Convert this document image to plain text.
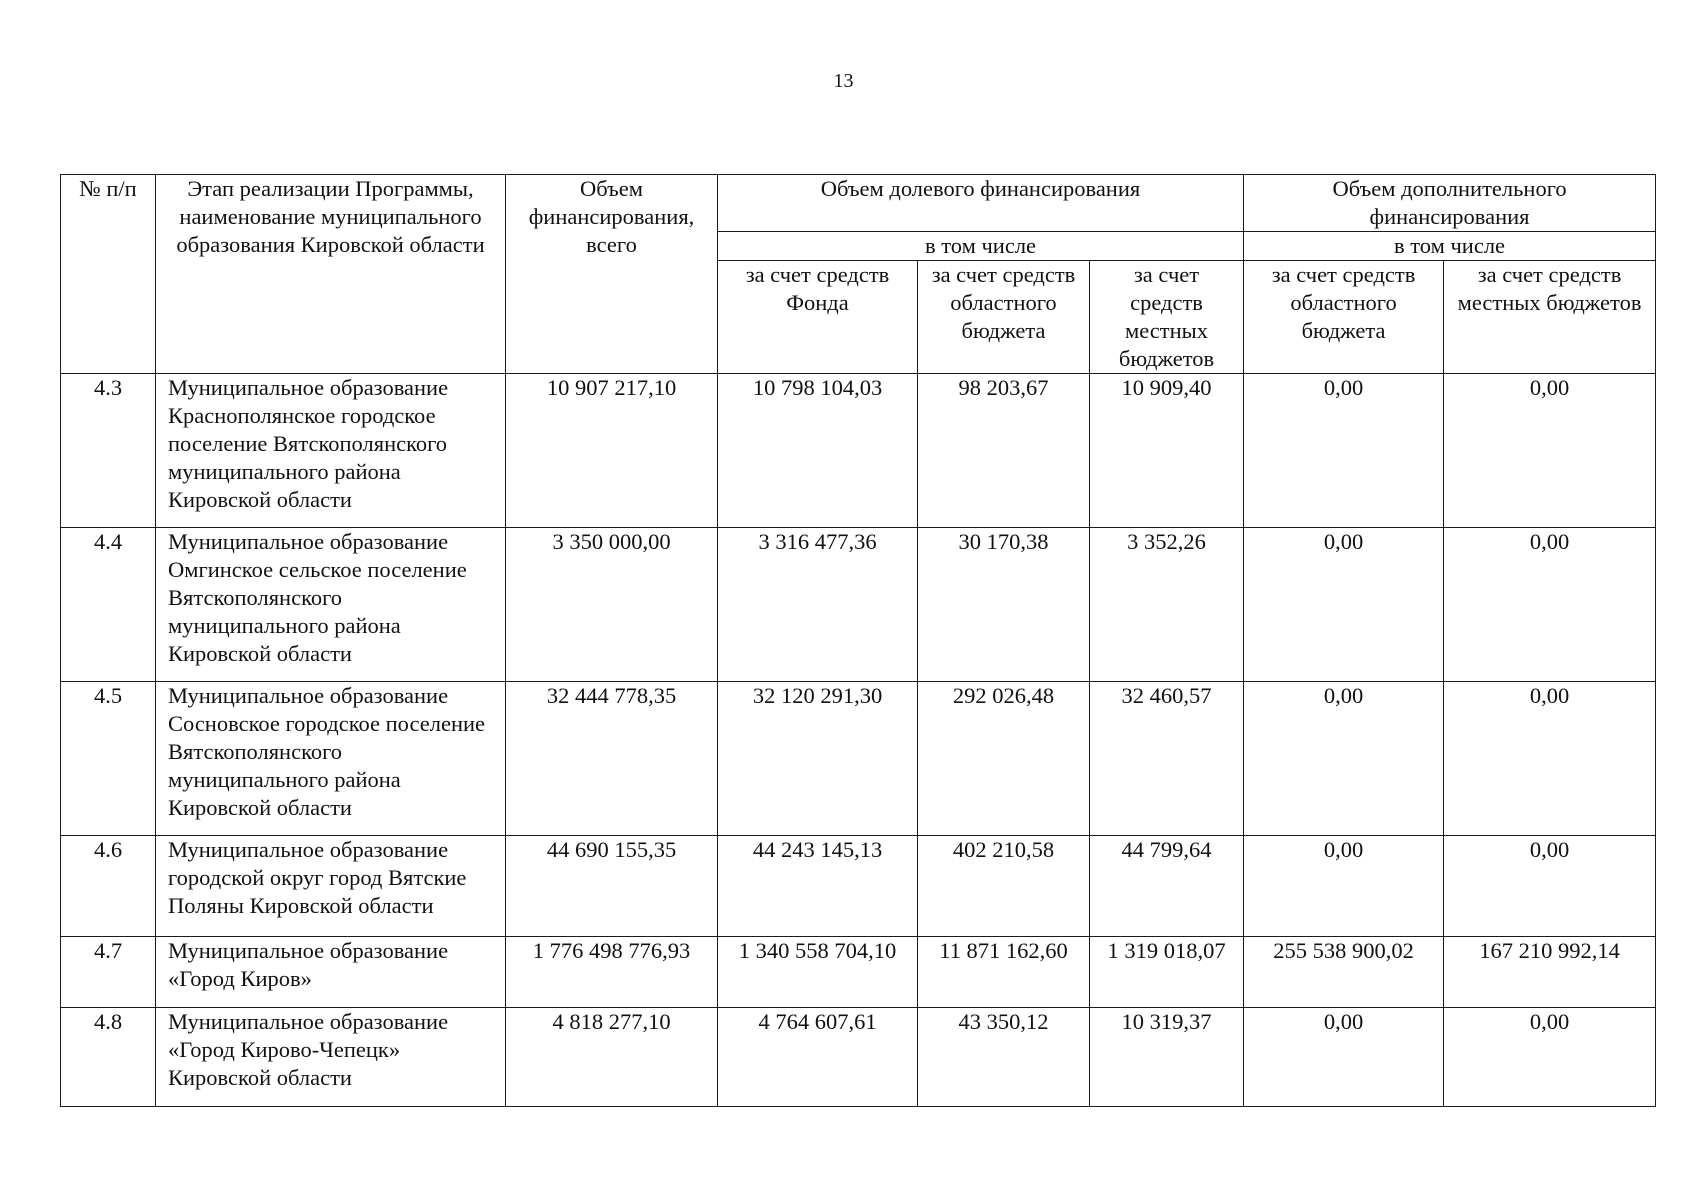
13
№ п/п	Этап реализации Программы, наименование муниципального образования Кировской области	Объем финансирования, всего	Объем долевого финансирования			Объем дополнительного финансирования	
			в том числе			в том числе	
			за счет средств Фонда	за счет средств областного бюджета	за счет средств местных бюджетов	за счет средств областного бюджета	за счет средств местных бюджетов
4.3	Муниципальное образование Краснополянское городское поселение Вятскополянского муниципального района Кировской области	10 907 217,10	10 798 104,03	98 203,67	10 909,40	0,00	0,00
4.4	Муниципальное образование Омгинское сельское поселение Вятскополянского муниципального района Кировской области	3 350 000,00	3 316 477,36	30 170,38	3 352,26	0,00	0,00
4.5	Муниципальное образование Сосновское городское поселение Вятскополянского муниципального района Кировской области	32 444 778,35	32 120 291,30	292 026,48	32 460,57	0,00	0,00
4.6	Муниципальное образование городской округ город Вятские Поляны Кировской области	44 690 155,35	44 243 145,13	402 210,58	44 799,64	0,00	0,00
4.7	Муниципальное образование «Город Киров»	1 776 498 776,93	1 340 558 704,10	11 871 162,60	1 319 018,07	255 538 900,02	167 210 992,14
4.8	Муниципальное образование «Город Кирово-Чепецк» Кировской области	4 818 277,10	4 764 607,61	43 350,12	10 319,37	0,00	0,00
